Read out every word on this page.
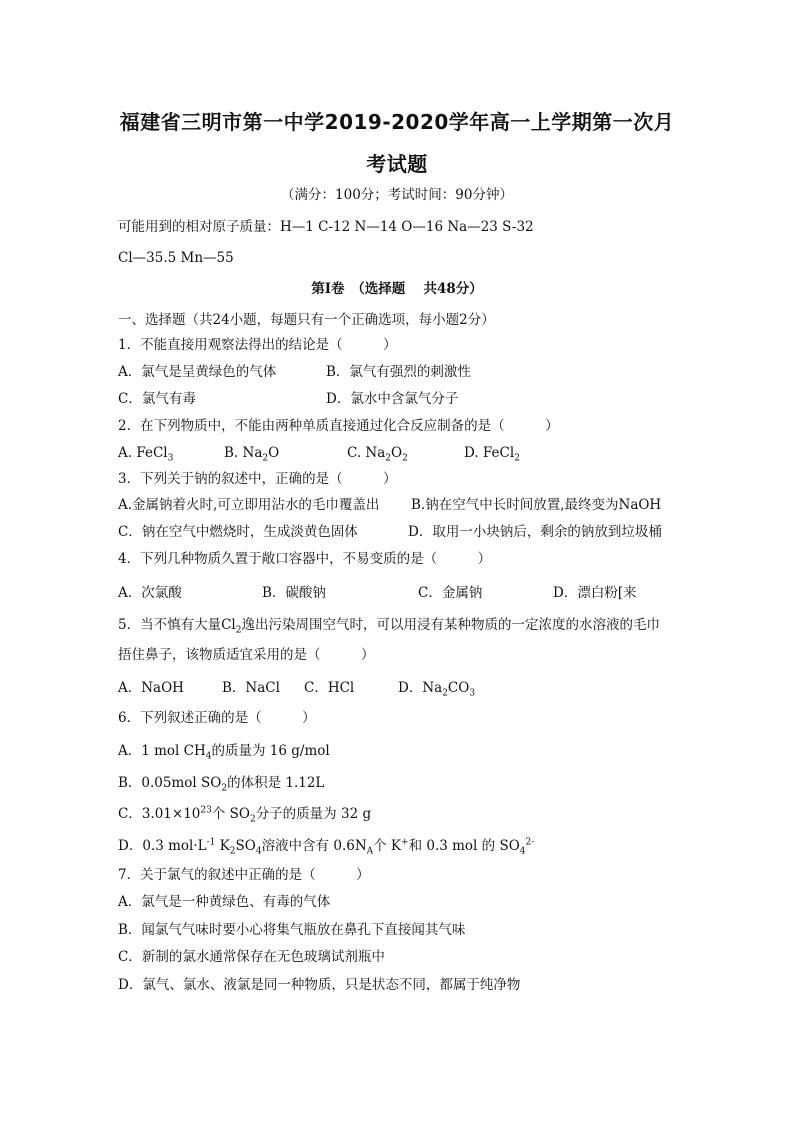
福建省三明市第一中学2019-2020学年高一上学期第一次月
考试题
（满分：100分；考试时间：90分钟）
可能用到的相对原子质量：H—1 C-12 N—14 O—16 Na—23 S-32
Cl—35.5 Mn—55
第Ⅰ卷　（选择题　 共48分）
一、选择题（共24小题，每题只有一个正确选项，每小题2分）
1．不能直接用观察法得出的结论是（　　　）
A．氯气是呈黄绿色的气体	B．氯气有强烈的刺激性
C．氯气有毒	D．氯水中含氯气分子
2．在下列物质中，不能由两种单质直接通过化合反应制备的是（　　　）
A. FeCl$_3$	B. $Na_2O$	C. $Na_2O_2$	D. FeCl$_2$
3．下列关于钠的叙述中，正确的是（　　　）
A.金属钠着火时,可立即用沾水的毛巾覆盖出 B.钠在空气中长时间放置,最终变为NaOH
C．钠在空气中燃烧时，生成淡黄色固体	D．取用一小块钠后，剩余的钠放到垃圾桶
4．下列几种物质久置于敞口容器中，不易变质的是（　　　）
A．次氯酸	B．碳酸钠	C．金属钠	D．漂白粉[来
5．当不慎有大量$Cl_2$逸出污染周围空气时，可以用浸有某种物质的一定浓度的水溶液的毛巾
捂住鼻子，该物质适宜采用的是（　　　）
A．NaOH	B．NaCl C．HCl	D．$Na_2CO_3$
6．下列叙述正确的是（　　　）
A．1 mol $CH_4$的质量为 16 g/mol
B．0.05mol $SO_2$的体积是 1.12L
C．$3.01\times 10^{23}$个 $SO_2$分子的质量为 32 g
D．0.3 $mol\cdot L^{-1}$ $K_2SO_4$溶液中含有 $0.6N_A$个 K+和 0.3 mol 的 $SO_4^{2-}$
7．关于氯气的叙述中正确的是（　　　）
A．氯气是一种黄绿色、有毒的气体
B．闻氯气气味时要小心将集气瓶放在鼻孔下直接闻其气味
C．新制的氯水通常保存在无色玻璃试剂瓶中
D．氯气、氯水、液氯是同一种物质，只是状态不同，都属于纯净物
